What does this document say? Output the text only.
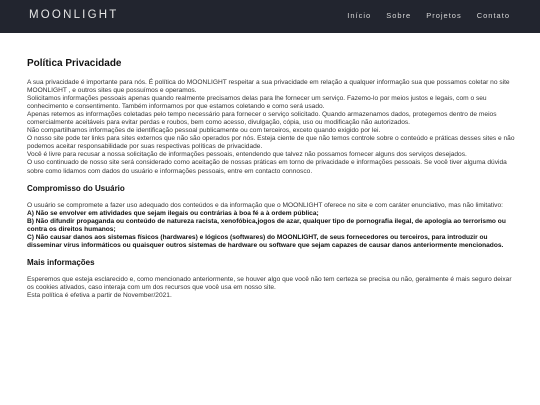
MOONLIGHT	Início Sobre Projetos Contato
Política Privacidade

A sua privacidade é importante para nós. É política do MOONLIGHT respeitar a sua privacidade em relação a qualquer informação sua que possamos coletar no site MOONLIGHT , e outros sites que possuímos e operamos.

Solicitamos informações pessoais apenas quando realmente precisamos delas para lhe fornecer um serviço. Fazemo-lo por meios justos e legais, com o seu conhecimento e consentimento. Também informamos por que estamos coletando e como será usado.

Apenas retemos as informações coletadas pelo tempo necessário para fornecer o serviço solicitado. Quando armazenamos dados, protegemos dentro de meios comercialmente aceitáveis para evitar perdas e roubos, bem como acesso, divulgação, cópia, uso ou modificação não autorizados.

Não compartilhamos informações de identificação pessoal publicamente ou com terceiros, exceto quando exigido por lei.

O nosso site pode ter links para sites externos que não são operados por nós. Esteja ciente de que não temos controle sobre o conteúdo e práticas desses sites e não podemos aceitar responsabilidade por suas respectivas políticas de privacidade.

Você é livre para recusar a nossa solicitação de informações pessoais, entendendo que talvez não possamos fornecer alguns dos serviços desejados.

O uso continuado de nosso site será considerado como aceitação de nossas práticas em torno de privacidade e informações pessoais. Se você tiver alguma dúvida sobre como lidamos com dados do usuário e informações pessoais, entre em contacto connosco.

Compromisso do Usuário

O usuário se compromete a fazer uso adequado dos conteúdos e da informação que o MOONLIGHT oferece no site e com caráter enunciativo, mas não limitativo:

A) Não se envolver em atividades que sejam ilegais ou contrárias à boa fé a à ordem pública;

B) Não difundir propaganda ou conteúdo de natureza racista, xenofóbica,jogos de azar, qualquer tipo de pornografia ilegal, de apologia ao terrorismo ou contra os direitos humanos;

C) Não causar danos aos sistemas físicos (hardwares) e lógicos (softwares) do MOONLIGHT, de seus fornecedores ou terceiros, para introduzir ou disseminar vírus informáticos ou quaisquer outros sistemas de hardware ou software que sejam capazes de causar danos anteriormente mencionados.

Mais informações

Esperemos que esteja esclarecido e, como mencionado anteriormente, se houver algo que você não tem certeza se precisa ou não, geralmente é mais seguro deixar os cookies ativados, caso interaja com um dos recursos que você usa em nosso site.

Esta política é efetiva a partir de November/2021.
